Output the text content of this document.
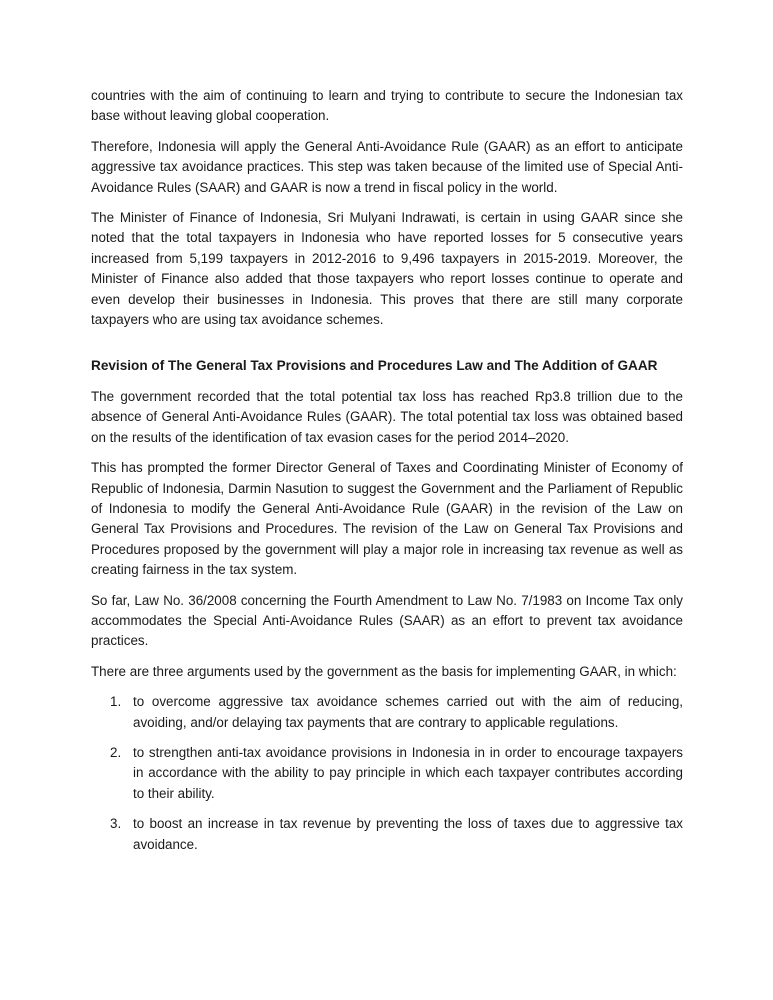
countries with the aim of continuing to learn and trying to contribute to secure the Indonesian tax base without leaving global cooperation.

Therefore, Indonesia will apply the General Anti-Avoidance Rule (GAAR) as an effort to anticipate aggressive tax avoidance practices. This step was taken because of the limited use of Special Anti- Avoidance Rules (SAAR) and GAAR is now a trend in fiscal policy in the world.

The Minister of Finance of Indonesia, Sri Mulyani Indrawati, is certain in using GAAR since she noted that the total taxpayers in Indonesia who have reported losses for 5 consecutive years increased from 5,199 taxpayers in 2012-2016 to 9,496 taxpayers in 2015-2019. Moreover, the Minister of Finance also added that those taxpayers who report losses continue to operate and even develop their businesses in Indonesia. This proves that there are still many corporate taxpayers who are using tax avoidance schemes.

Revision of The General Tax Provisions and Procedures Law and The Addition of GAAR

The government recorded that the total potential tax loss has reached Rp3.8 trillion due to the absence of General Anti-Avoidance Rules (GAAR). The total potential tax loss was obtained based on the results of the identification of tax evasion cases for the period 2014–2020.

This has prompted the former Director General of Taxes and Coordinating Minister of Economy of Republic of Indonesia, Darmin Nasution to suggest the Government and the Parliament of Republic of Indonesia to modify the General Anti-Avoidance Rule (GAAR) in the revision of the Law on General Tax Provisions and Procedures. The revision of the Law on General Tax Provisions and Procedures proposed by the government will play a major role in increasing tax revenue as well as creating fairness in the tax system.

So far, Law No. 36/2008 concerning the Fourth Amendment to Law No. 7/1983 on Income Tax only accommodates the Special Anti-Avoidance Rules (SAAR) as an effort to prevent tax avoidance practices.

There are three arguments used by the government as the basis for implementing GAAR, in which:

1. to overcome aggressive tax avoidance schemes carried out with the aim of reducing, avoiding, and/or delaying tax payments that are contrary to applicable regulations.
2. to strengthen anti-tax avoidance provisions in Indonesia in in order to encourage taxpayers in accordance with the ability to pay principle in which each taxpayer contributes according to their ability.
3. to boost an increase in tax revenue by preventing the loss of taxes due to aggressive tax avoidance.
